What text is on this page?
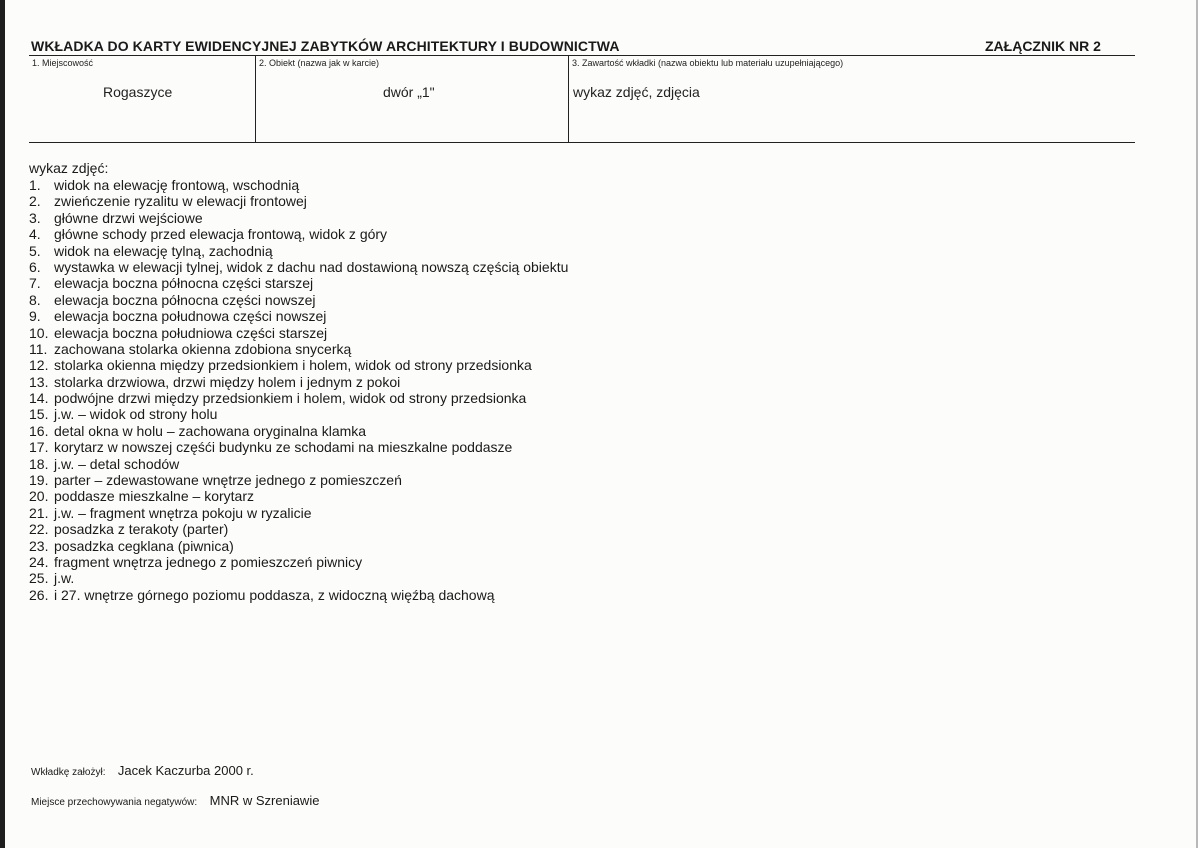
WKŁADKA DO KARTY EWIDENCYJNEJ ZABYTKÓW ARCHITEKTURY I BUDOWNICTWA	ZAŁĄCZNIK NR 2
1. Miejscowość	2. Obiekt (nazwa jak w karcie)	3. Zawartość wkładki (nazwa obiektu lub materiału uzupełniającego)
Rogaszyce	dwór „1"	wykaz zdjęć, zdjęcia
wykaz zdjęć:
1. widok na elewację frontową, wschodnią
2. zwieńczenie ryzalitu w elewacji frontowej
3. główne drzwi wejściowe
4. główne schody przed elewacja frontową, widok z góry
5. widok na elewację tylną, zachodnią
6. wystawka w elewacji tylnej, widok z dachu nad dostawioną nowszą częścią obiektu
7. elewacja boczna północna części starszej
8. elewacja boczna północna części nowszej
9. elewacja boczna połudnowa części nowszej
10. elewacja boczna południowa części starszej
11. zachowana stolarka okienna zdobiona snycerką
12. stolarka okienna między przedsionkiem i holem, widok od strony przedsionka
13. stolarka drzwiowa, drzwi między holem i jednym z pokoi
14. podwójne drzwi między przedsionkiem i holem, widok od strony przedsionka
15. j.w. – widok od strony holu
16. detal okna w holu – zachowana oryginalna klamka
17. korytarz w nowszej częśći budynku ze schodami na mieszkalne poddasze
18. j.w. – detal schodów
19. parter – zdewastowane wnętrze jednego z pomieszczeń
20. poddasze mieszkalne – korytarz
21. j.w. – fragment wnętrza pokoju w ryzalicie
22. posadzka z terakoty (parter)
23. posadzka cegklana (piwnica)
24. fragment wnętrza jednego z pomieszczeń piwnicy
25. j.w.
26. i 27. wnętrze górnego poziomu poddasza, z widoczną więźbą dachową
Wkładkę założył: Jacek Kaczurba 2000 r.
Miejsce przechowywania negatywów: MNR w Szreniawie
